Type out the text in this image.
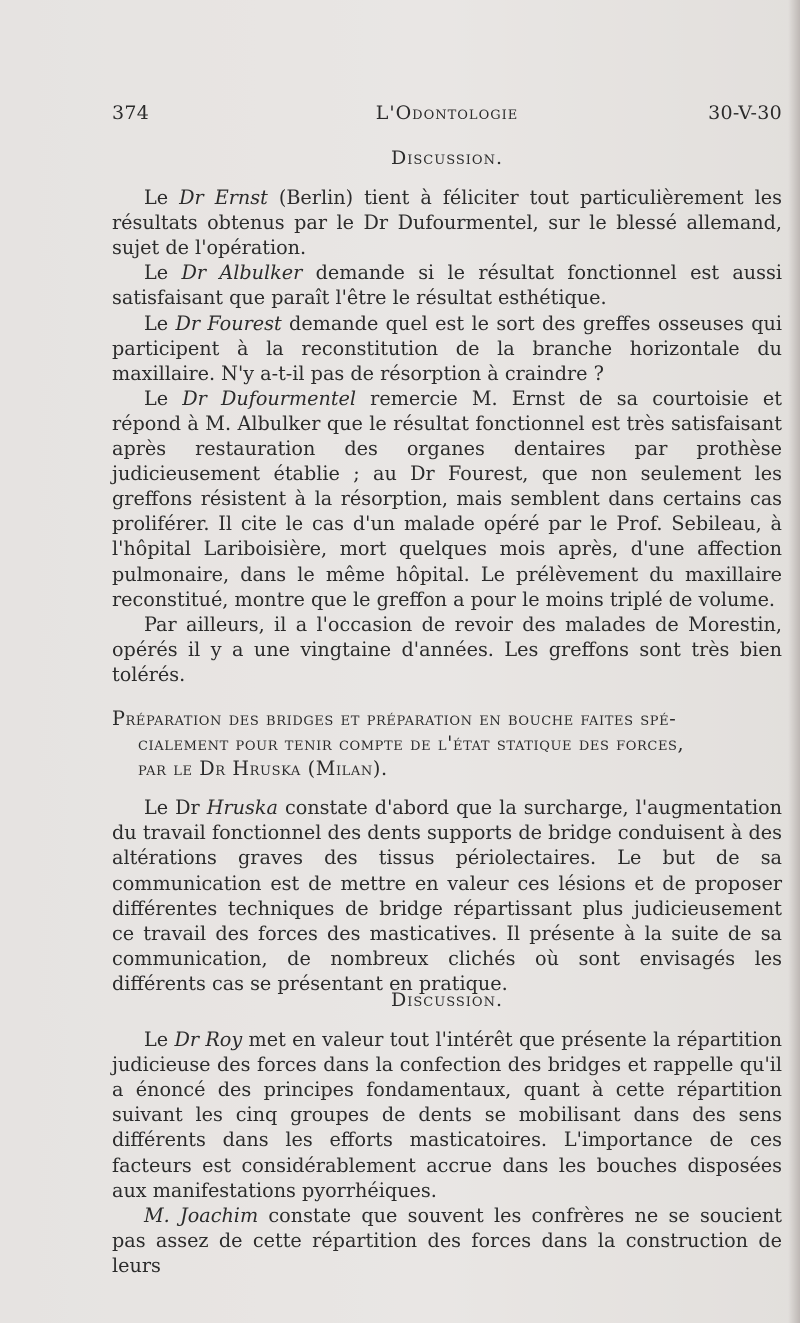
374	L'Odontologie	30-V-30

Discussion.

Le Dr Ernst (Berlin) tient à féliciter tout particulièrement les résultats obtenus par le Dr Dufourmentel, sur le blessé allemand, sujet de l'opération.

Le Dr Albulker demande si le résultat fonctionnel est aussi satisfaisant que paraît l'être le résultat esthétique.

Le Dr Fourest demande quel est le sort des greffes osseuses qui participent à la reconstitution de la branche horizontale du maxillaire. N'y a-t-il pas de résorption à craindre ?

Le Dr Dufourmentel remercie M. Ernst de sa courtoisie et répond à M. Albulker que le résultat fonctionnel est très satisfaisant après restauration des organes dentaires par prothèse judicieusement établie ; au Dr Fourest, que non seulement les greffons résistent à la résorption, mais semblent dans certains cas proliférer. Il cite le cas d'un malade opéré par le Prof. Sebileau, à l'hôpital Lariboisière, mort quelques mois après, d'une affection pulmonaire, dans le même hôpital. Le prélèvement du maxillaire reconstitué, montre que le greffon a pour le moins triplé de volume.

Par ailleurs, il a l'occasion de revoir des malades de Morestin, opérés il y a une vingtaine d'années. Les greffons sont très bien tolérés.

Préparation des bridges et préparation en bouche faites spé-
cialement pour tenir compte de l'état statique des forces,
par le Dr Hruska (Milan).

Le Dr Hruska constate d'abord que la surcharge, l'augmentation du travail fonctionnel des dents supports de bridge conduisent à des altérations graves des tissus périolectaires. Le but de sa communication est de mettre en valeur ces lésions et de proposer différentes techniques de bridge répartissant plus judicieusement ce travail des forces des masticatives. Il présente à la suite de sa communication, de nombreux clichés où sont envisagés les différents cas se présentant en pratique.

Discussion.

Le Dr Roy met en valeur tout l'intérêt que présente la répartition judicieuse des forces dans la confection des bridges et rappelle qu'il a énoncé des principes fondamentaux, quant à cette répartition suivant les cinq groupes de dents se mobilisant dans des sens différents dans les efforts masticatoires. L'importance de ces facteurs est considérablement accrue dans les bouches disposées aux manifestations pyorrhéiques.

M. Joachim constate que souvent les confrères ne se soucient pas assez de cette répartition des forces dans la construction de leurs
